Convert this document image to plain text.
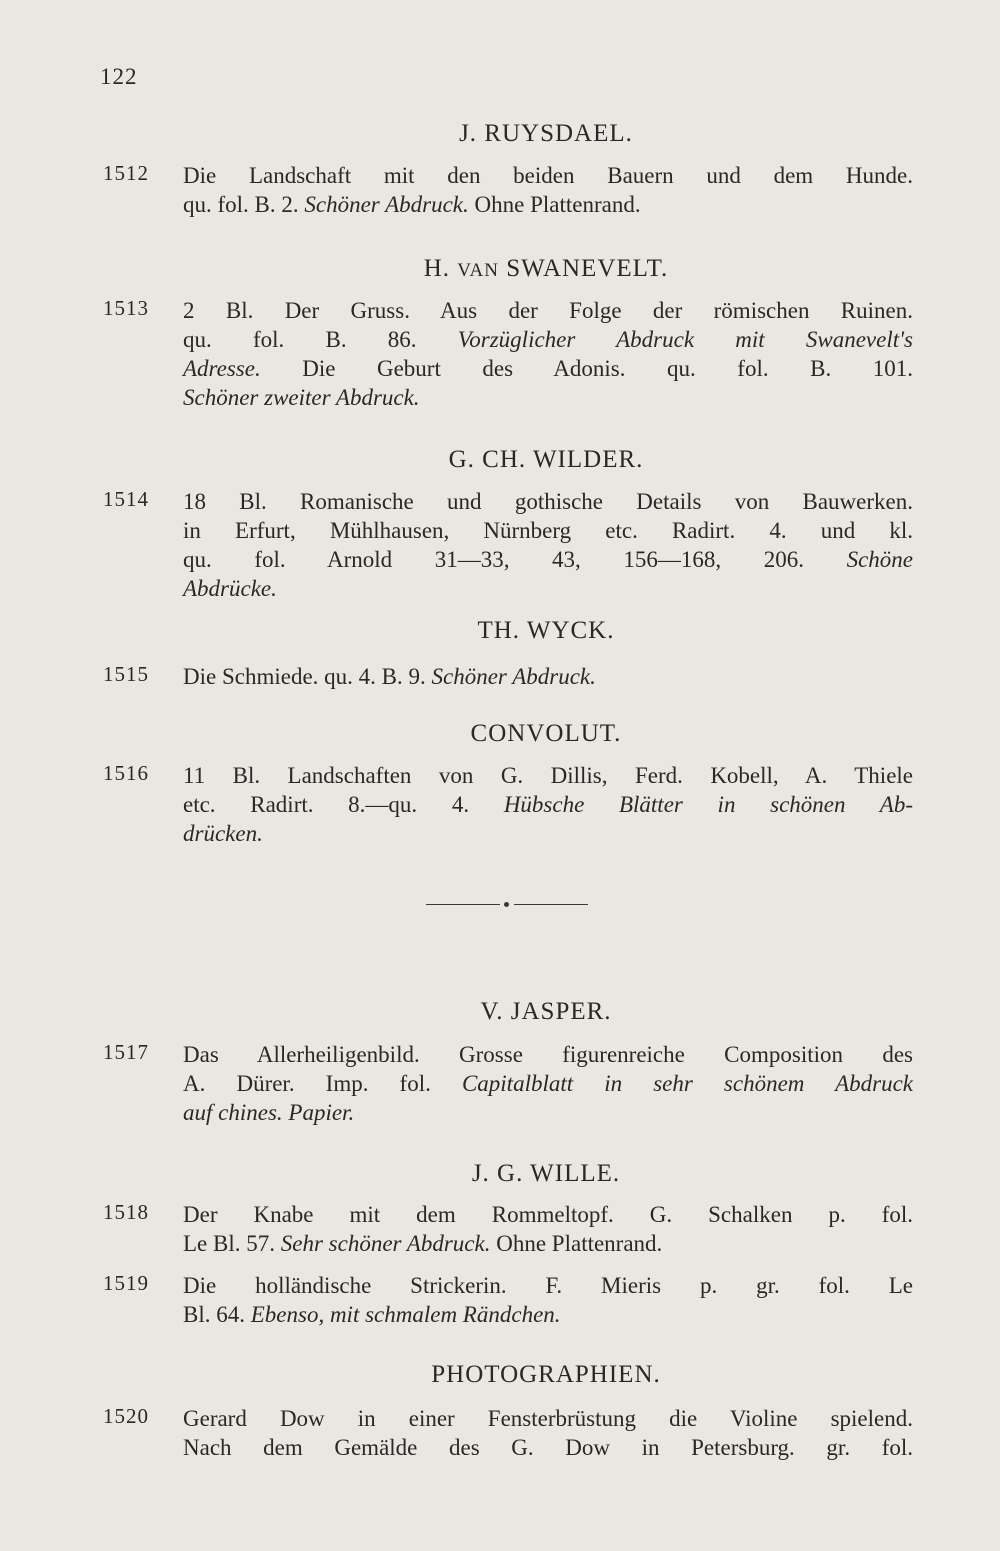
122
J. RUYSDAEL.
1512 Die Landschaft mit den beiden Bauern und dem Hunde.
qu. fol. B. 2. Schöner Abdruck. Ohne Plattenrand.
H. VAN SWANEVELT.
1513 2 Bl. Der Gruss. Aus der Folge der römischen Ruinen.
qu. fol. B. 86. Vorzüglicher Abdruck mit Swanevelt's
Adresse. Die Geburt des Adonis. qu. fol. B. 101.
Schöner zweiter Abdruck.
G. CH. WILDER.
1514 18 Bl. Romanische und gothische Details von Bauwerken.
in Erfurt, Mühlhausen, Nürnberg etc. Radirt. 4. und kl.
qu. fol. Arnold 31—33, 43, 156—168, 206. Schöne
Abdrücke.
TH. WYCK.
1515 Die Schmiede. qu. 4. B. 9. Schöner Abdruck.
CONVOLUT.
1516 11 Bl. Landschaften von G. Dillis, Ferd. Kobell, A. Thiele
etc. Radirt. 8.—qu. 4. Hübsche Blätter in schönen Ab-
drücken.
V. JASPER.
1517 Das Allerheiligenbild. Grosse figurenreiche Composition des
A. Dürer. Imp. fol. Capitalblatt in sehr schönem Abdruck
auf chines. Papier.
J. G. WILLE.
1518 Der Knabe mit dem Rommeltopf. G. Schalken p. fol.
Le Bl. 57. Sehr schöner Abdruck. Ohne Plattenrand.
1519 Die holländische Strickerin. F. Mieris p. gr. fol. Le
Bl. 64. Ebenso, mit schmalem Rändchen.
PHOTOGRAPHIEN.
1520 Gerard Dow in einer Fensterbrüstung die Violine spielend.
Nach dem Gemälde des G. Dow in Petersburg. gr. fol.
